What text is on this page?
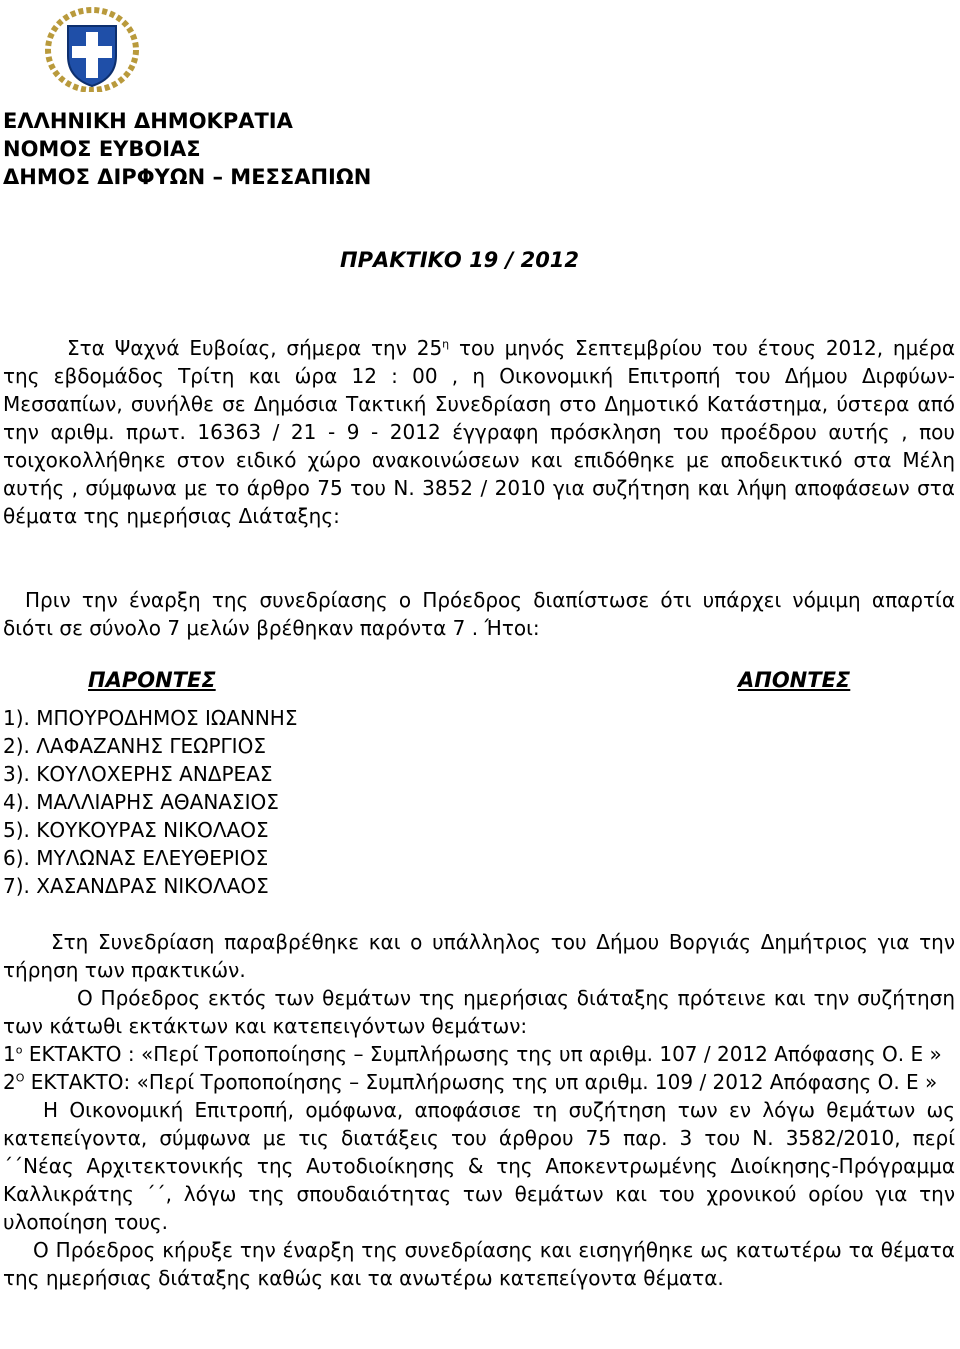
ΕΛΛΗΝΙΚΗ ΔΗΜΟΚΡΑΤΙΑ
ΝΟΜΟΣ ΕΥΒΟΙΑΣ
ΔΗΜΟΣ ΔΙΡΦΥΩΝ – ΜΕΣΣΑΠΙΩΝ
ΠΡΑΚΤΙΚΟ 19 / 2012

Στα Ψαχνά Ευβοίας, σήμερα την $25^\eta$ του μηνός Σεπτεμβρίου του έτους 2012, ημέρα της εβδομάδος Τρίτη και ώρα 12 : 00 , η Οικονομική Επιτροπή του Δήμου Διρφύων-Μεσσαπίων, συνήλθε σε Δημόσια Τακτική Συνεδρίαση στο Δημοτικό Κατάστημα, ύστερα από την αριθμ. πρωτ. 16363 / 21 - 9 - 2012 έγγραφη πρόσκληση του προέδρου αυτής , που τοιχοκολλήθηκε στον ειδικό χώρο ανακοινώσεων και επιδόθηκε με αποδεικτικό στα Μέλη αυτής , σύμφωνα με το άρθρο 75 του Ν. 3852 / 2010 για συζήτηση και λήψη αποφάσεων στα θέματα της ημερήσιας Διάταξης:

Πριν την έναρξη της συνεδρίασης ο Πρόεδρος διαπίστωσε ότι υπάρχει νόμιμη απαρτία διότι σε σύνολο 7 μελών βρέθηκαν παρόντα 7 . Ήτοι:
ΠΑΡΟΝΤΕΣ	ΑΠΟΝΤΕΣ
1). ΜΠΟΥΡΟΔΗΜΟΣ ΙΩΑΝΝΗΣ
2). ΛΑΦΑΖΑΝΗΣ ΓΕΩΡΓΙΟΣ
3). ΚΟΥΛΟΧΕΡΗΣ ΑΝΔΡΕΑΣ
4). ΜΑΛΛΙΑΡΗΣ ΑΘΑΝΑΣΙΟΣ
5). ΚΟΥΚΟΥΡΑΣ ΝΙΚΟΛΑΟΣ
6). ΜΥΛΩΝΑΣ ΕΛΕΥΘΕΡΙΟΣ
7). ΧΑΣΑΝΔΡΑΣ ΝΙΚΟΛΑΟΣ

Στη Συνεδρίαση παραβρέθηκε και ο υπάλληλος του Δήμου Βοργιάς Δημήτριος για την τήρηση των πρακτικών.

Ο Πρόεδρος εκτός των θεμάτων της ημερήσιας διάταξης πρότεινε και την συζήτηση των κάτωθι εκτάκτων και κατεπειγόντων θεμάτων:

$1^o$ ΕΚΤΑΚΤΟ : «Περί Τροποποίησης – Συμπλήρωσης της υπ αριθμ. 107 / 2012 Απόφασης Ο. Ε »

$2^O$ ΕΚΤΑΚΤΟ: «Περί Τροποποίησης – Συμπλήρωσης της υπ αριθμ. 109 / 2012 Απόφασης Ο. Ε »

Η Οικονομική Επιτροπή, ομόφωνα, αποφάσισε τη συζήτηση των εν λόγω θεμάτων ως κατεπείγοντα, σύμφωνα με τις διατάξεις του άρθρου 75 παρ. 3 του Ν. 3582/2010, περί ΄΄Νέας Αρχιτεκτονικής της Αυτοδιοίκησης & της Αποκεντρωμένης Διοίκησης-Πρόγραμμα Καλλικράτης ΄΄, λόγω της σπουδαιότητας των θεμάτων και του χρονικού ορίου για την υλοποίηση τους.

Ο Πρόεδρος κήρυξε την έναρξη της συνεδρίασης και εισηγήθηκε ως κατωτέρω τα θέματα της ημερήσιας διάταξης καθώς και τα ανωτέρω κατεπείγοντα θέματα.
